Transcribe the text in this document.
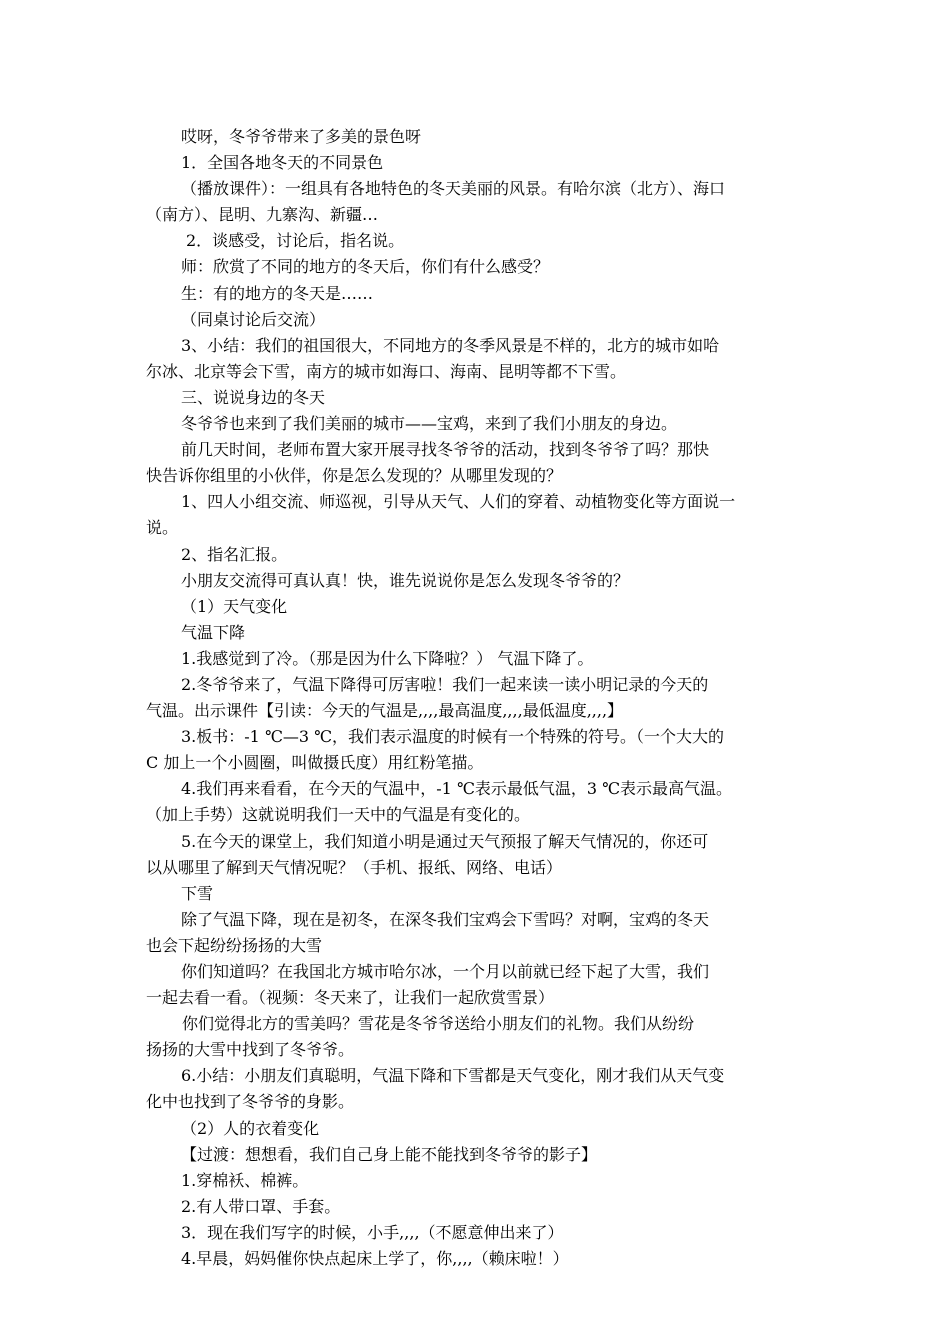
哎呀，冬爷爷带来了多美的景色呀
1．全国各地冬天的不同景色
（播放课件）：一组具有各地特色的冬天美丽的风景。有哈尔滨（北方）、海口
（南方）、昆明、九寨沟、新疆…
2．谈感受，讨论后，指名说。
师：欣赏了不同的地方的冬天后，你们有什么感受？
生：有的地方的冬天是……
（同桌讨论后交流）
3、小结：我们的祖国很大，不同地方的冬季风景是不样的，北方的城市如哈
尔冰、北京等会下雪，南方的城市如海口、海南、昆明等都不下雪。
三、说说身边的冬天
冬爷爷也来到了我们美丽的城市——宝鸡，来到了我们小朋友的身边。
前几天时间，老师布置大家开展寻找冬爷爷的活动，找到冬爷爷了吗？那快
快告诉你组里的小伙伴，你是怎么发现的？从哪里发现的？
1、四人小组交流、师巡视，引导从天气、人们的穿着、动植物变化等方面说一
说。
2、指名汇报。
小朋友交流得可真认真！快，谁先说说你是怎么发现冬爷爷的？
（1）天气变化
气温下降
1.我感觉到了冷。（那是因为什么下降啦？） 气温下降了。
2.冬爷爷来了，气温下降得可厉害啦！我们一起来读一读小明记录的今天的
气温。出示课件【引读：今天的气温是,,,,最高温度,,,,最低温度,,,,】
3.板书：-1 ℃—3 ℃，我们表示温度的时候有一个特殊的符号。（一个大大的
C 加上一个小圆圈，叫做摄氏度）用红粉笔描。
4.我们再来看看，在今天的气温中，-1 ℃表示最低气温，3 ℃表示最高气温。
（加上手势）这就说明我们一天中的气温是有变化的。
5.在今天的课堂上，我们知道小明是通过天气预报了解天气情况的，你还可
以从哪里了解到天气情况呢？（手机、报纸、网络、电话）
下雪
除了气温下降，现在是初冬，在深冬我们宝鸡会下雪吗？对啊，宝鸡的冬天
也会下起纷纷扬扬的大雪
你们知道吗？在我国北方城市哈尔冰，一个月以前就已经下起了大雪，我们
一起去看一看。（视频：冬天来了，让我们一起欣赏雪景）
你们觉得北方的雪美吗？雪花是冬爷爷送给小朋友们的礼物。我们从纷纷
扬扬的大雪中找到了冬爷爷。
6.小结：小朋友们真聪明，气温下降和下雪都是天气变化，刚才我们从天气变
化中也找到了冬爷爷的身影。
（2）人的衣着变化
【过渡：想想看，我们自己身上能不能找到冬爷爷的影子】
1.穿棉袄、棉裤。
2.有人带口罩、手套。
3．现在我们写字的时候，小手,,,,（不愿意伸出来了）
4.早晨，妈妈催你快点起床上学了，你,,,,（赖床啦！）
